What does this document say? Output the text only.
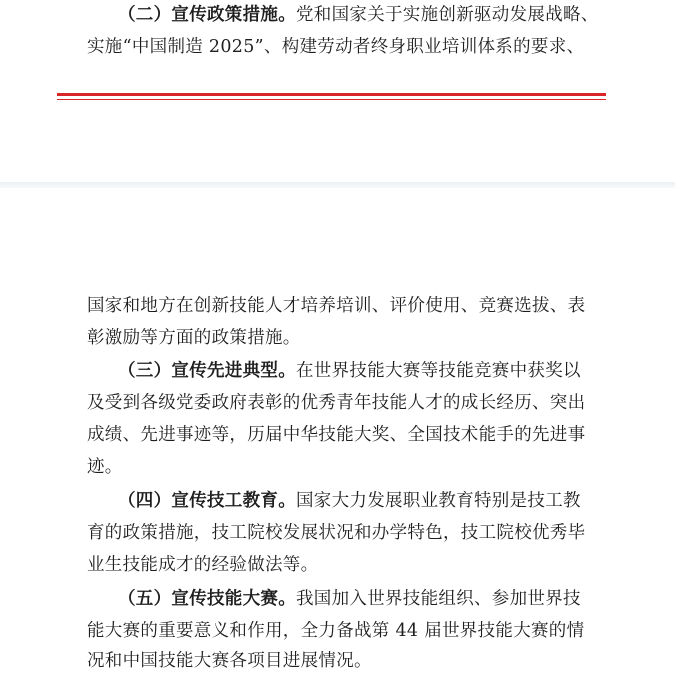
（二）宣传政策措施。党和国家关于实施创新驱动发展战略、
实施“中国制造 2025”、构建劳动者终身职业培训体系的要求、
国家和地方在创新技能人才培养培训、评价使用、竞赛选拔、表
彰激励等方面的政策措施。
（三）宣传先进典型。在世界技能大赛等技能竞赛中获奖以
及受到各级党委政府表彰的优秀青年技能人才的成长经历、突出
成绩、先进事迹等，历届中华技能大奖、全国技术能手的先进事
迹。
（四）宣传技工教育。国家大力发展职业教育特别是技工教
育的政策措施，技工院校发展状况和办学特色，技工院校优秀毕
业生技能成才的经验做法等。
（五）宣传技能大赛。我国加入世界技能组织、参加世界技
能大赛的重要意义和作用，全力备战第 44 届世界技能大赛的情
况和中国技能大赛各项目进展情况。
